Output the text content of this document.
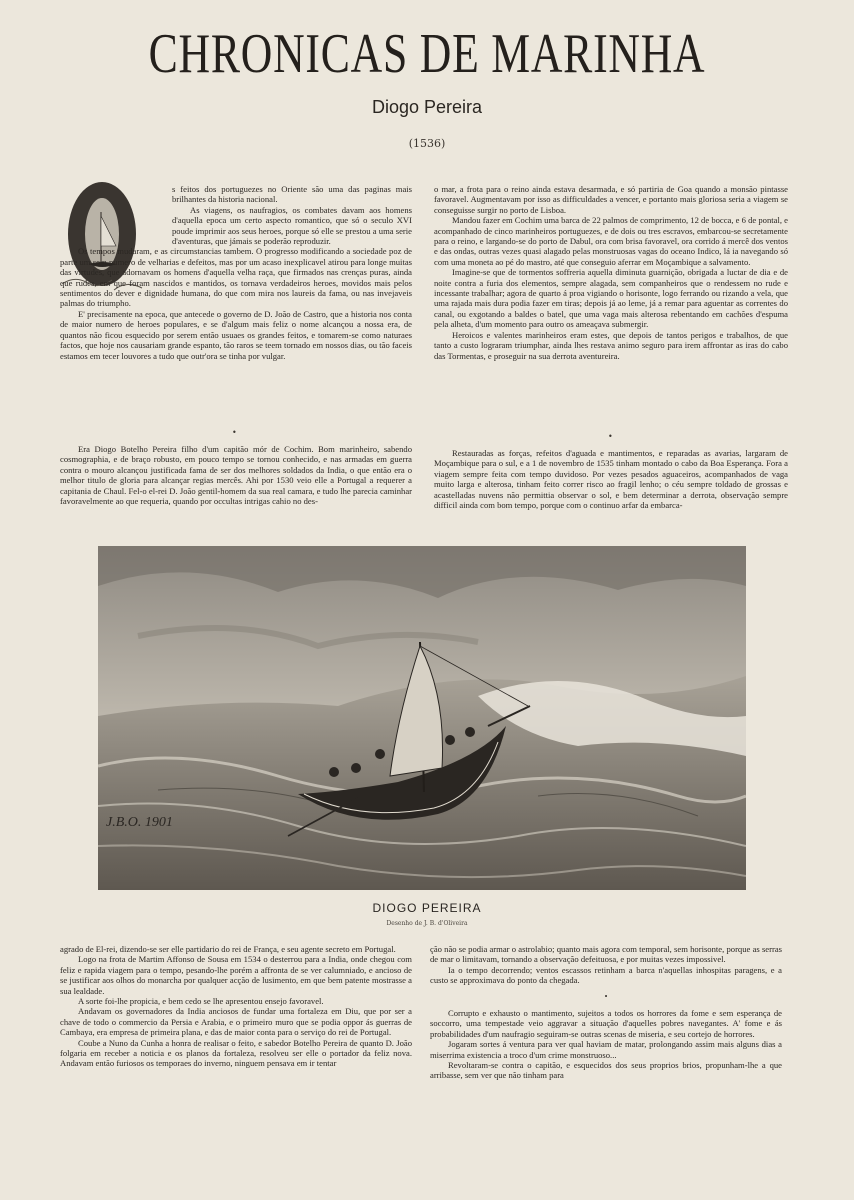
CHRONICAS DE MARINHA
Diogo Pereira
(1536)
O

s feitos dos portuguezes no Oriente são uma das paginas mais brilhantes da historia nacional.

As viagens, os naufragios, os combates davam aos homens d'aquella epoca um certo aspecto romantico, que só o seculo XVI poude imprimir aos seus heroes, porque só elle se prestou a uma serie d'aventuras, que jámais se poderão reproduzir.

Os tempos mudaram, e as circumstancias tambem. O progresso modificando a sociedade poz de parte um sem numero de velharias e defeitos, mas por um acaso inexplicavel atirou para longe muitas das virtudes, que adornavam os homens d'aquella velha raça, que firmados nas crenças puras, ainda que rudes, em que foram nascidos e mantidos, os tornava verdadeiros heroes, movidos mais pelos sentimentos do dever e dignidade humana, do que com mira nos laureis da fama, ou nas invejaveis palmas do triumpho.

E' precisamente na epoca, que antecede o governo de D. João de Castro, que a historia nos conta de maior numero de heroes populares, e se d'algum mais feliz o nome alcançou a nossa era, de quantos não ficou esquecido por serem então usuaes os grandes feitos, e tomarem-se como naturaes factos, que hoje nos causariam grande espanto, tão raros se teem tornado em nossos dias, ou tão faceis estamos em tecer louvores a tudo que outr'ora se tinha por vulgar.

o mar, a frota para o reino ainda estava desarmada, e só partiria de Goa quando a monsão pintasse favoravel. Augmentavam por isso as difficuldades a vencer, e portanto mais gloriosa seria a viagem se conseguisse surgir no porto de Lisboa.

Mandou fazer em Cochim uma barca de 22 palmos de comprimento, 12 de bocca, e 6 de pontal, e acompanhado de cinco marinheiros portuguezes, e de dois ou tres escravos, embarcou-se secretamente para o reino, e largando-se do porto de Dabul, ora com brisa favoravel, ora corrido á mercê dos ventos e das ondas, outras vezes quasi alagado pelas monstruosas vagas do oceano Indico, lá ia navegando só com uma moneta ao pé do mastro, até que conseguio aferrar em Moçambique a salvamento.

Imagine-se que de tormentos soffreria aquella diminuta guarnição, obrigada a luctar de dia e de noite contra a furia dos elementos, sempre alagada, sem companheiros que o rendessem no rude e incessante trabalhar; agora de quarto á proa vigiando o horisonte, logo ferrando ou rizando a vela, que uma rajada mais dura podia fazer em tiras; depois já ao leme, já a remar para aguentar as correntes do canal, ou exgotando a baldes o batel, que uma vaga mais alterosa rebentando em cachões d'espuma pela alheta, d'um momento para outro os ameaçava submergir.

Heroicos e valentes marinheiros eram estes, que depois de tantos perigos e trabalhos, de que tanto a custo lograram triumphar, ainda lhes restava animo seguro para irem affrontar as iras do cabo das Tormentas, e proseguir na sua derrota aventureira.

•	•

Era Diogo Botelho Pereira filho d'um capitão mór de Cochim. Bom marinheiro, sabendo cosmographia, e de braço robusto, em pouco tempo se tornou conhecido, e nas armadas em guerra contra o mouro alcançou justificada fama de ser dos melhores soldados da India, o que então era o melhor titulo de gloria para alcançar regias mercês. Ahi por 1530 veio elle a Portugal a requerer a capitania de Chaul. Fel-o el-rei D. João gentil-homem da sua real camara, e tudo lhe parecia caminhar favoravelmente ao que requeria, quando por occultas intrigas cahio no des-

Restauradas as forças, refeitos d'aguada e mantimentos, e reparadas as avarias, largaram de Moçambique para o sul, e a 1 de novembro de 1535 tinham montado o cabo da Boa Esperança. Fora a viagem sempre feita com tempo duvidoso. Por vezes pesados aguaceiros, acompanhados de vaga muito larga e alterosa, tinham feito correr risco ao fragil lenho; o céu sempre toldado de grossas e acastelladas nuvens não permittia observar o sol, e bem determinar a derrota, observação sempre difficil ainda com bom tempo, porque com o continuo arfar da embarca-

J.B.O. 1901
DIOGO PEREIRA
Desenho de J. B. d'Oliveira

agrado de El-rei, dizendo-se ser elle partidario do rei de França, e seu agente secreto em Portugal.

Logo na frota de Martim Affonso de Sousa em 1534 o desterrou para a India, onde chegou com feliz e rapida viagem para o tempo, pesando-lhe porém a affronta de se ver calumniado, e ancioso de se justificar aos olhos do monarcha por qualquer acção de lusimento, em que bem patente mostrasse a sua lealdade.

A sorte foi-lhe propicia, e bem cedo se lhe apresentou ensejo favoravel.

Andavam os governadores da India anciosos de fundar uma fortaleza em Diu, que por ser a chave de todo o commercio da Persia e Arabia, e o primeiro muro que se podia oppor ás guerras de Cambaya, era empresa de primeira plana, e das de maior conta para o serviço do rei de Portugal.

Coube a Nuno da Cunha a honra de realisar o feito, e sabedor Botelho Pereira de quanto D. João folgaria em receber a noticia e os planos da fortaleza, resolveu ser elle o portador da feliz nova. Andavam então furiosos os temporaes do inverno, ninguem pensava em ir tentar

ção não se podia armar o astrolabio; quanto mais agora com temporal, sem horisonte, porque as serras de mar o limitavam, tornando a observação defeituosa, e por muitas vezes impossivel.

Ia o tempo decorrendo; ventos escassos retinham a barca n'aquellas inhospitas paragens, e a custo se approximava do ponto da chegada.

•

Corrupto e exhausto o mantimento, sujeitos a todos os horrores da fome e sem esperança de soccorro, uma tempestade veio aggravar a situação d'aquelles pobres navegantes. A' fome e ás probabilidades d'um naufragio seguiram-se outras scenas de miseria, e seu cortejo de horrores.

Jogaram sortes á ventura para ver qual haviam de matar, prolongando assim mais alguns dias a miserrima existencia a troco d'um crime monstruoso...

Revoltaram-se contra o capitão, e esquecidos dos seus proprios brios, propunham-lhe a que arribasse, sem ver que não tinham para
